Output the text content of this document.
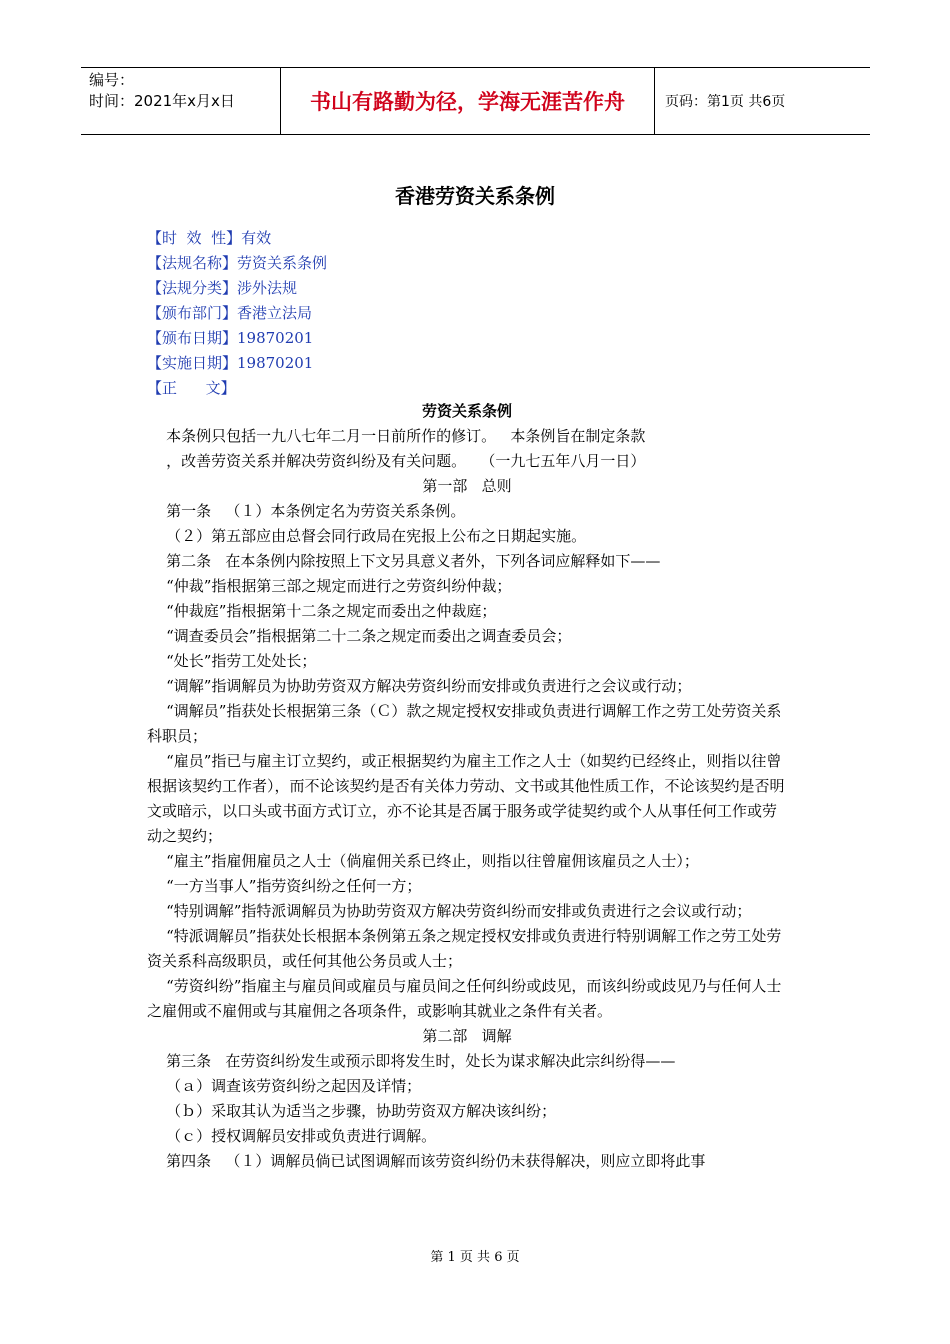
编号：
时间：2021年x月x日	书山有路勤为径，学海无涯苦作舟	页码：第1页 共6页
香港劳资关系条例
【时  效  性】有效
【法规名称】劳资关系条例
【法规分类】涉外法规
【颁布部门】香港立法局
【颁布日期】19870201
【实施日期】19870201
【正      文】

劳资关系条例

本条例只包括一九八七年二月一日前所作的修订。   本条例旨在制定条款

，改善劳资关系并解决劳资纠纷及有关问题。   （一九七五年八月一日）

第一部   总则

第一条   （１）本条例定名为劳资关系条例。

（２）第五部应由总督会同行政局在宪报上公布之日期起实施。

第二条   在本条例内除按照上下文另具意义者外，下列各词应解释如下——

“仲裁”指根据第三部之规定而进行之劳资纠纷仲裁；

“仲裁庭”指根据第十二条之规定而委出之仲裁庭；

“调查委员会”指根据第二十二条之规定而委出之调查委员会；

“处长”指劳工处处长；

“调解”指调解员为协助劳资双方解决劳资纠纷而安排或负责进行之会议或行动；

“调解员”指获处长根据第三条（Ｃ）款之规定授权安排或负责进行调解工作之劳工处劳资关系科职员；

“雇员”指已与雇主订立契约，或正根据契约为雇主工作之人士（如契约已经终止，则指以往曾根据该契约工作者），而不论该契约是否有关体力劳动、文书或其他性质工作，不论该契约是否明文或暗示，以口头或书面方式订立，亦不论其是否属于服务或学徒契约或个人从事任何工作或劳动之契约；

“雇主”指雇佣雇员之人士（倘雇佣关系已终止，则指以往曾雇佣该雇员之人士）；

“一方当事人”指劳资纠纷之任何一方；

“特别调解”指特派调解员为协助劳资双方解决劳资纠纷而安排或负责进行之会议或行动；

“特派调解员”指获处长根据本条例第五条之规定授权安排或负责进行特别调解工作之劳工处劳资关系科高级职员，或任何其他公务员或人士；

“劳资纠纷”指雇主与雇员间或雇员与雇员间之任何纠纷或歧见，而该纠纷或歧见乃与任何人士之雇佣或不雇佣或与其雇佣之各项条件，或影响其就业之条件有关者。

第二部   调解

第三条   在劳资纠纷发生或预示即将发生时，处长为谋求解决此宗纠纷得——

（ａ）调查该劳资纠纷之起因及详情；

（ｂ）采取其认为适当之步骤，协助劳资双方解决该纠纷；

（ｃ）授权调解员安排或负责进行调解。

第四条   （１）调解员倘已试图调解而该劳资纠纷仍未获得解决，则应立即将此事

第 1 页 共 6 页
